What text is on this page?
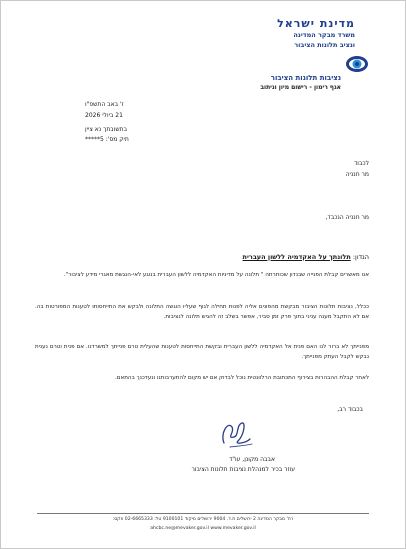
מדינת ישראל
משרד מבקר המדינה
ונציב תלונות הציבור
נציבות תלונות הציבור
אגף רימון - רישום מיון וניתוב
ז' באב התשפ"ו
21 ביולי 2026
בתשובתך נא ציין
תיק מס': 5*****
לכבוד
מר חנניה
מר חנניה הנכבד,
הנדון: תלונתך על האקדמיה ללשון העברית
אנו מאשרים קבלת הפנייה שבנדון שכותרתה " תלונה על מדיניות האקדמיה ללשון העברית בנוגע לאי-הנגשת מאגרי מידע לציבור".
ככלל, נציבות תלונות הציבור מבקשת מהפונים אליה לפנות תחילה לגוף שעליו הוגשה התלונה ולבקש את התייחסותו לטענות המפורטות בה. אם לא התקבל מענה עניני בתוך פרק זמן סביר, אפשר בשלב זה להגיש תלונה לנציבות.
מפנייתך לא ברור לנו האם פנית אל האקדמיה ללשון העברית ובקשת התייחסות לטענות שהעלית טרם פנייתך למשרדנו. אם פנית וטרם נענית נבקש לקבל העתק מפנייתך.
לאחר קבלת ההבהרות בצירוף התכתובת הרלוונטית נוכל לבדוק אם יש מקום להתערבותנו ונעדכנך בהתאם.
בכבוד רב,
אבבה מקונן, עו"ד
עוזר בכיר למנהלת נציבות תלונות הציבור
רח' מבקר המדינה 2 ירושלים ת.ד. 9004 ירושלים מיקוד 9100101 טל: 02-6665333 פקס:
ahcbc.ne@mevaker.gov.il www.mevaker.gov.il
